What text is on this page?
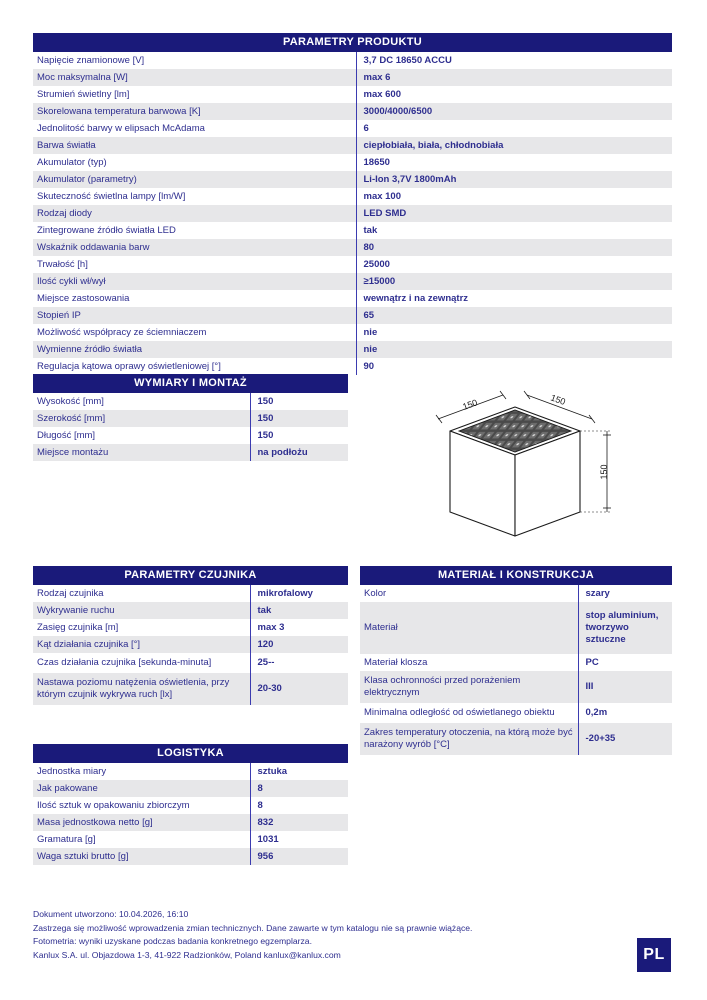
PARAMETRY PRODUKTU	
Napięcie znamionowe [V]	3,7 DC 18650 ACCU
Moc maksymalna [W]	max 6
Strumień świetlny [lm]	max 600
Skorelowana temperatura barwowa [K]	3000/4000/6500
Jednolitość barwy w elipsach McAdama	6
Barwa światła	ciepłobiała, biała, chłodnobiała
Akumulator (typ)	18650
Akumulator (parametry)	Li-Ion 3,7V 1800mAh
Skuteczność świetlna lampy [lm/W]	max 100
Rodzaj diody	LED SMD
Zintegrowane źródło światła LED	tak
Wskaźnik oddawania barw	80
Trwałość [h]	25000
Ilość cykli wł/wył	≥15000
Miejsce zastosowania	wewnątrz i na zewnątrz
Stopień IP	65
Możliwość współpracy ze ściemniaczem	nie
Wymienne źródło światła	nie
Regulacja kątowa oprawy oświetleniowej [°]	90
WYMIARY I MONTAŻ	
Wysokość [mm]	150
Szerokość [mm]	150
Długość [mm]	150
Miejsce montażu	na podłożu
PARAMETRY CZUJNIKA	
Rodzaj czujnika	mikrofalowy
Wykrywanie ruchu	tak
Zasięg czujnika [m]	max 3
Kąt działania czujnika [°]	120
Czas działania czujnika [sekunda-minuta]	25--
Nastawa poziomu natężenia oświetlenia, przy którym czujnik wykrywa ruch [lx]	20-30
LOGISTYKA	
Jednostka miary	sztuka
Jak pakowane	8
Ilość sztuk w opakowaniu zbiorczym	8
Masa jednostkowa netto [g]	832
Gramatura [g]	1031
Waga sztuki brutto [g]	956
MATERIAŁ I KONSTRUKCJA	
Kolor	szary
Materiał	stop aluminium, tworzywo sztuczne
Materiał klosza	PC
Klasa ochronności przed porażeniem elektrycznym	III
Minimalna odległość od oświetlanego obiektu	0,2m
Zakres temperatury otoczenia, na którą może być narażony wyrób [°C]	-20+35
150	150
150
Dokument utworzono: 10.04.2026, 16:10
Zastrzega się możliwość wprowadzenia zmian technicznych. Dane zawarte w tym katalogu nie są prawnie wiążące.
Fotometria: wyniki uzyskane podczas badania konkretnego egzemplarza.
Kanlux S.A. ul. Objazdowa 1-3, 41-922 Radzionków, Poland kanlux@kanlux.com	PL
